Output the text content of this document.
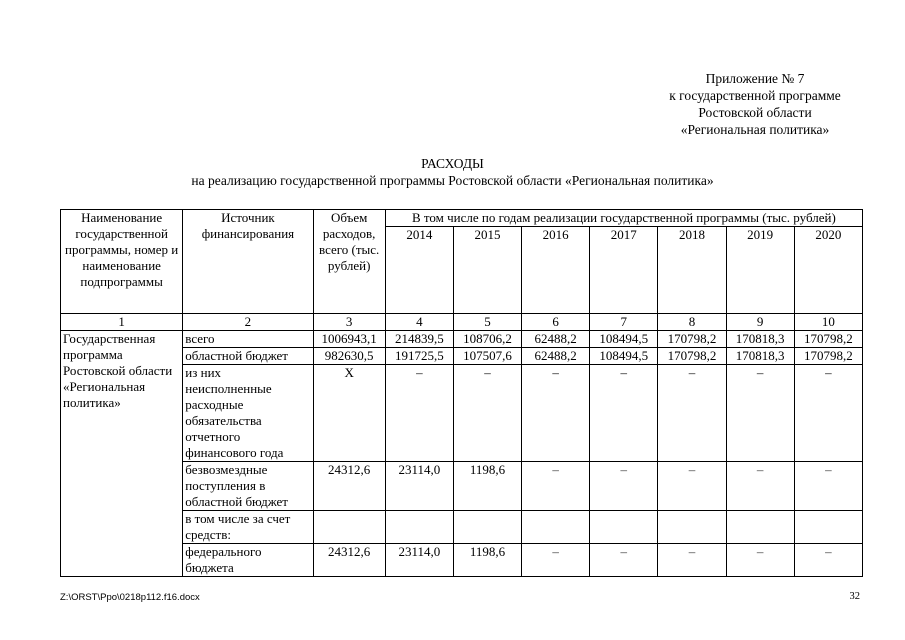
Приложение № 7
к государственной программе
Ростовской области
«Региональная политика»
РАСХОДЫ
на реализацию государственной программы Ростовской области «Региональная политика»
Наименование государственной программы, номер и наименование подпрограммы	Источник финансирования	Объем расходов, всего (тыс. рублей)	В том числе по годам реализации государственной программы (тыс. рублей)						
			2014	2015	2016	2017	2018	2019	2020
1	2	3	4	5	6	7	8	9	10
Государственная программа Ростовской области «Региональная политика»	всего	1006943,1	214839,5	108706,2	62488,2	108494,5	170798,2	170818,3	170798,2
	областной бюджет	982630,5	191725,5	107507,6	62488,2	108494,5	170798,2	170818,3	170798,2
	из них неисполненные расходные обязательства отчетного финансового года	X	–	–	–	–	–	–	–
	безвозмездные поступления в областной бюджет	24312,6	23114,0	1198,6	–	–	–	–	–
	в том числе за счет средств:								
	федерального бюджета	24312,6	23114,0	1198,6	–	–	–	–	–
Z:\ORST\Ppo\0218p112.f16.docx	32
